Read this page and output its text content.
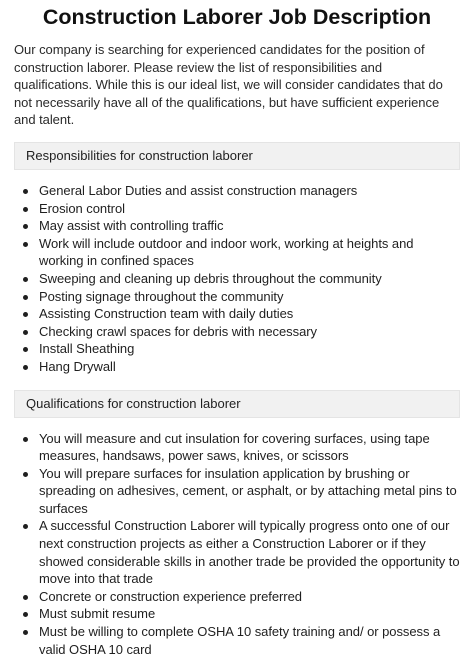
Construction Laborer Job Description

Our company is searching for experienced candidates for the position of construction laborer. Please review the list of responsibilities and qualifications. While this is our ideal list, we will consider candidates that do not necessarily have all of the qualifications, but have sufficient experience and talent.

Responsibilities for construction laborer
General Labor Duties and assist construction managers
Erosion control
May assist with controlling traffic
Work will include outdoor and indoor work, working at heights and working in confined spaces
Sweeping and cleaning up debris throughout the community
Posting signage throughout the community
Assisting Construction team with daily duties
Checking crawl spaces for debris with necessary
Install Sheathing
Hang Drywall
Qualifications for construction laborer
You will measure and cut insulation for covering surfaces, using tape measures, handsaws, power saws, knives, or scissors
You will prepare surfaces for insulation application by brushing or spreading on adhesives, cement, or asphalt, or by attaching metal pins to surfaces
A successful Construction Laborer will typically progress onto one of our next construction projects as either a Construction Laborer or if they showed considerable skills in another trade be provided the opportunity to move into that trade
Concrete or construction experience preferred
Must submit resume
Must be willing to complete OSHA 10 safety training and/ or possess a valid OSHA 10 card
